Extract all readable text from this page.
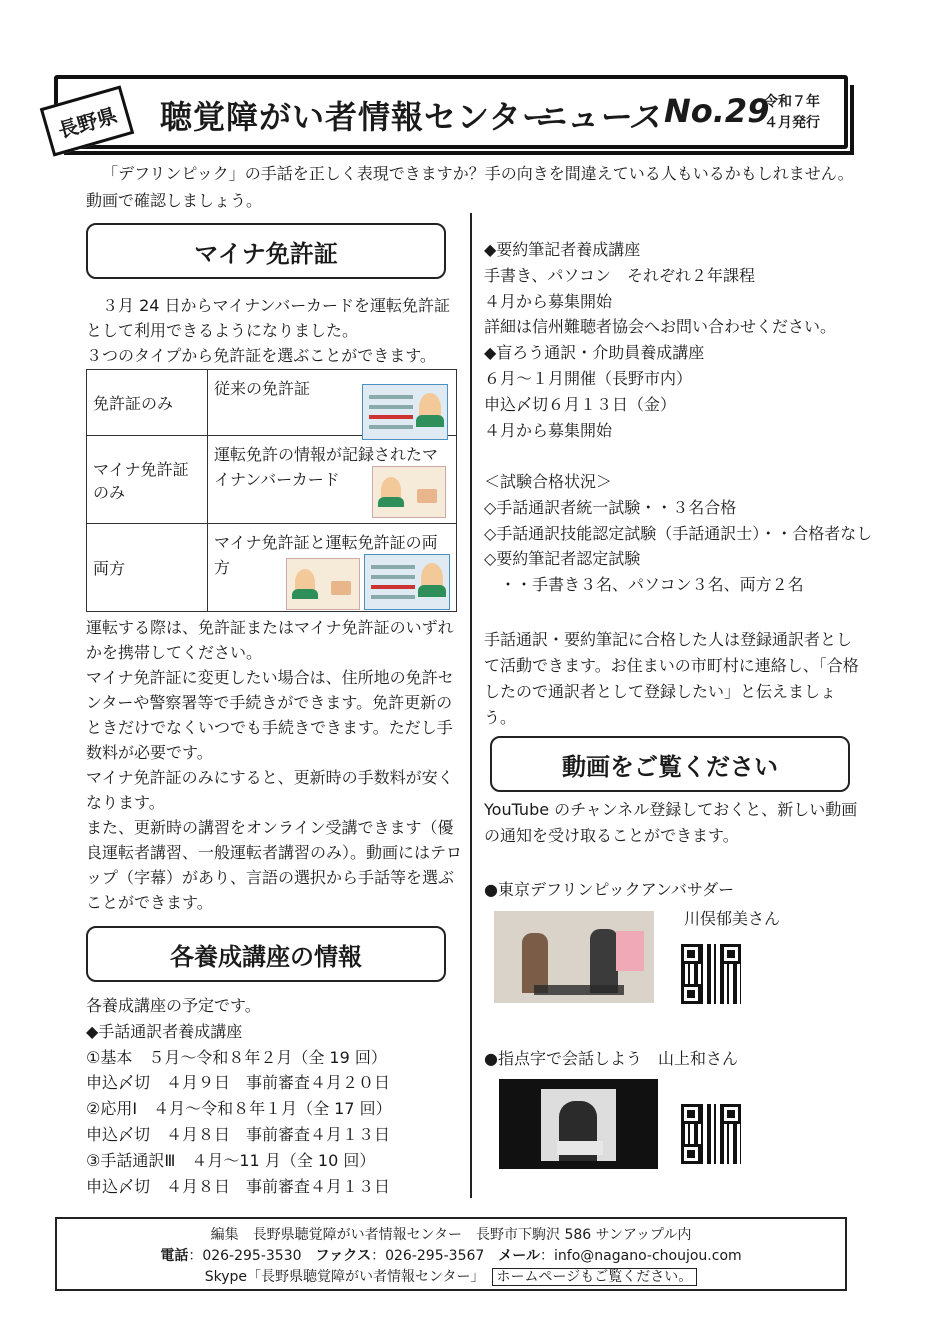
長野県	聴覚障がい者情報センター
ニュース No.29
令和７年
４月発行
「デフリンピック」の手話を正しく表現できますか？手の向きを間違えている人もいるかもしれません。動画で確認しましょう。
マイナ免許証
３月 24 日からマイナンバーカードを運転免許証として利用できるようになりました。
３つのタイプから免許証を選ぶことができます。
免許証のみ	従来の免許証

マイナ免許証のみ	運転免許の情報が記録されたマイナンバーカード

両方	マイナ免許証と運転免許証の両方
運転する際は、免許証またはマイナ免許証のいずれかを携帯してください。
マイナ免許証に変更したい場合は、住所地の免許センターや警察署等で手続きができます。免許更新のときだけでなくいつでも手続きできます。ただし手数料が必要です。
マイナ免許証のみにすると、更新時の手数料が安くなります。
また、更新時の講習をオンライン受講できます（優良運転者講習、一般運転者講習のみ）。動画にはテロップ（字幕）があり、言語の選択から手話等を選ぶことができます。
各養成講座の情報
各養成講座の予定です。
◆手話通訳者養成講座
①基本　５月～令和８年２月（全 19 回）
申込〆切　４月９日　事前審査４月２０日
②応用Ⅰ　４月～令和８年１月（全 17 回）
申込〆切　４月８日　事前審査４月１３日
③手話通訳Ⅲ　４月～11 月（全 10 回）
申込〆切　４月８日　事前審査４月１３日
◆要約筆記者養成講座
手書き、パソコン　それぞれ２年課程
４月から募集開始
詳細は信州難聴者協会へお問い合わせください。
◆盲ろう通訳・介助員養成講座
６月～１月開催（長野市内）
申込〆切６月１３日（金）
４月から募集開始
＜試験合格状況＞
◇手話通訳者統一試験・・３名合格
◇手話通訳技能認定試験（手話通訳士）・・合格者なし
◇要約筆記者認定試験
　・・手書き３名、パソコン３名、両方２名
手話通訳・要約筆記に合格した人は登録通訳者として活動できます。お住まいの市町村に連絡し、「合格したので通訳者として登録したい」と伝えましょう。
動画をご覧ください
YouTube のチャンネル登録しておくと、新しい動画の通知を受け取ることができます。
●東京デフリンピックアンバサダー
川俣郁美さん
●指点字で会話しよう　山上和さん
編集　長野県聴覚障がい者情報センター　長野市下駒沢 586 サンアップル内
電話：026-295-3530　 ファクス：026-295-3567　 メール：info@nagano-choujou.com
Skype「長野県聴覚障がい者情報センター」　 ホームページもご覧ください。
